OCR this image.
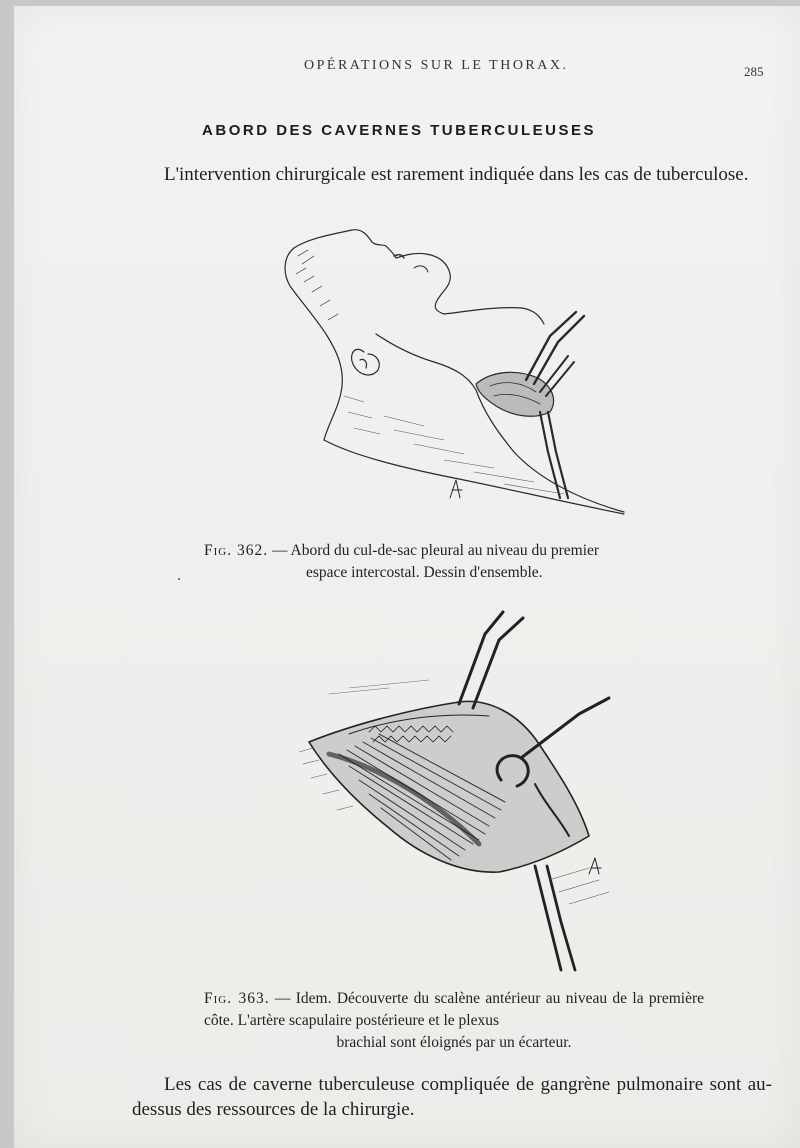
OPÉRATIONS SUR LE THORAX.	285
ABORD DES CAVERNES TUBERCULEUSES

L'intervention chirurgicale est rarement indiquée dans les cas de tuberculose.

Fig. 362. — Abord du cul-de-sac pleural au niveau du premier
espace intercostal. Dessin d'ensemble.
Fig. 363. — Idem. Découverte du scalène antérieur au niveau de la première côte. L'artère scapulaire postérieure et le plexus
brachial sont éloignés par un écarteur.

Les cas de caverne tuberculeuse compliquée de gangrène pulmonaire sont au-dessus des ressources de la chirurgie.
